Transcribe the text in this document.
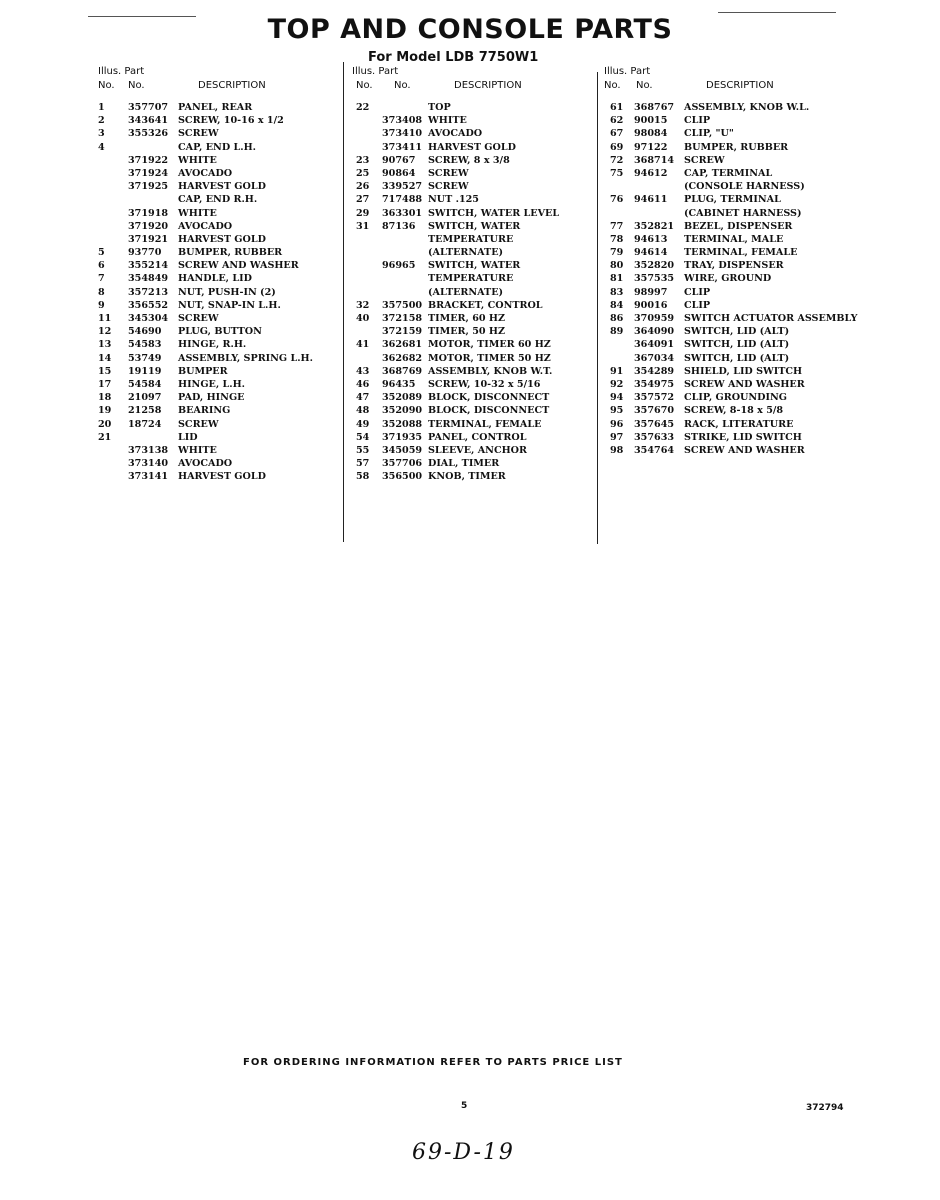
TOP AND CONSOLE PARTS
For Model LDB 7750W1
Illus. Part
No. No.	DESCRIPTION
1 357707 PANEL, REAR
2 343641 SCREW, 10-16 x 1/2
3 355326 SCREW
4	CAP, END L.H.
371922 WHITE
371924 AVOCADO
371925 HARVEST GOLD
CAP, END R.H.
371918 WHITE
371920 AVOCADO
371921 HARVEST GOLD
5 93770 BUMPER, RUBBER
6 355214 SCREW AND WASHER
7 354849 HANDLE, LID
8 357213 NUT, PUSH-IN (2)
9 356552 NUT, SNAP-IN L.H.
11 345304 SCREW
12 54690 PLUG, BUTTON
13 54583 HINGE, R.H.
14 53749 ASSEMBLY, SPRING L.H.
15 19119 BUMPER
17 54584 HINGE, L.H.
18 21097 PAD, HINGE
19 21258 BEARING
20 18724 SCREW
21	LID
373138 WHITE
373140 AVOCADO
373141 HARVEST GOLD
Illus. Part
No. No.	DESCRIPTION
22	TOP
373408 WHITE
373410 AVOCADO
373411 HARVEST GOLD
23 90767 SCREW, 8 x 3/8
25 90864 SCREW
26 339527 SCREW
27 717488 NUT .125
29 363301 SWITCH, WATER LEVEL
31 87136 SWITCH, WATER
TEMPERATURE
(ALTERNATE)
96965 SWITCH, WATER
TEMPERATURE
(ALTERNATE)
32 357500 BRACKET, CONTROL
40 372158 TIMER, 60 HZ
372159 TIMER, 50 HZ
41 362681 MOTOR, TIMER 60 HZ
362682 MOTOR, TIMER 50 HZ
43 368769 ASSEMBLY, KNOB W.T.
46 96435 SCREW, 10-32 x 5/16
47 352089 BLOCK, DISCONNECT
48 352090 BLOCK, DISCONNECT
49 352088 TERMINAL, FEMALE
54 371935 PANEL, CONTROL
55 345059 SLEEVE, ANCHOR
57 357706 DIAL, TIMER
58 356500 KNOB, TIMER
Illus. Part
No. No.	DESCRIPTION
61 368767 ASSEMBLY, KNOB W.L.
62 90015 CLIP
67 98084 CLIP, "U"
69 97122 BUMPER, RUBBER
72 368714 SCREW
75 94612 CAP, TERMINAL
(CONSOLE HARNESS)
76 94611 PLUG, TERMINAL
(CABINET HARNESS)
77 352821 BEZEL, DISPENSER
78 94613 TERMINAL, MALE
79 94614 TERMINAL, FEMALE
80 352820 TRAY, DISPENSER
81 357535 WIRE, GROUND
83 98997 CLIP
84 90016 CLIP
86 370959 SWITCH ACTUATOR ASSEMBLY
89 364090 SWITCH, LID (ALT)
364091 SWITCH, LID (ALT)
367034 SWITCH, LID (ALT)
91 354289 SHIELD, LID SWITCH
92 354975 SCREW AND WASHER
94 357572 CLIP, GROUNDING
95 357670 SCREW, 8-18 x 5/8
96 357645 RACK, LITERATURE
97 357633 STRIKE, LID SWITCH
98 354764 SCREW AND WASHER
FOR ORDERING INFORMATION REFER TO PARTS PRICE LIST
5	372794
69-D-19
